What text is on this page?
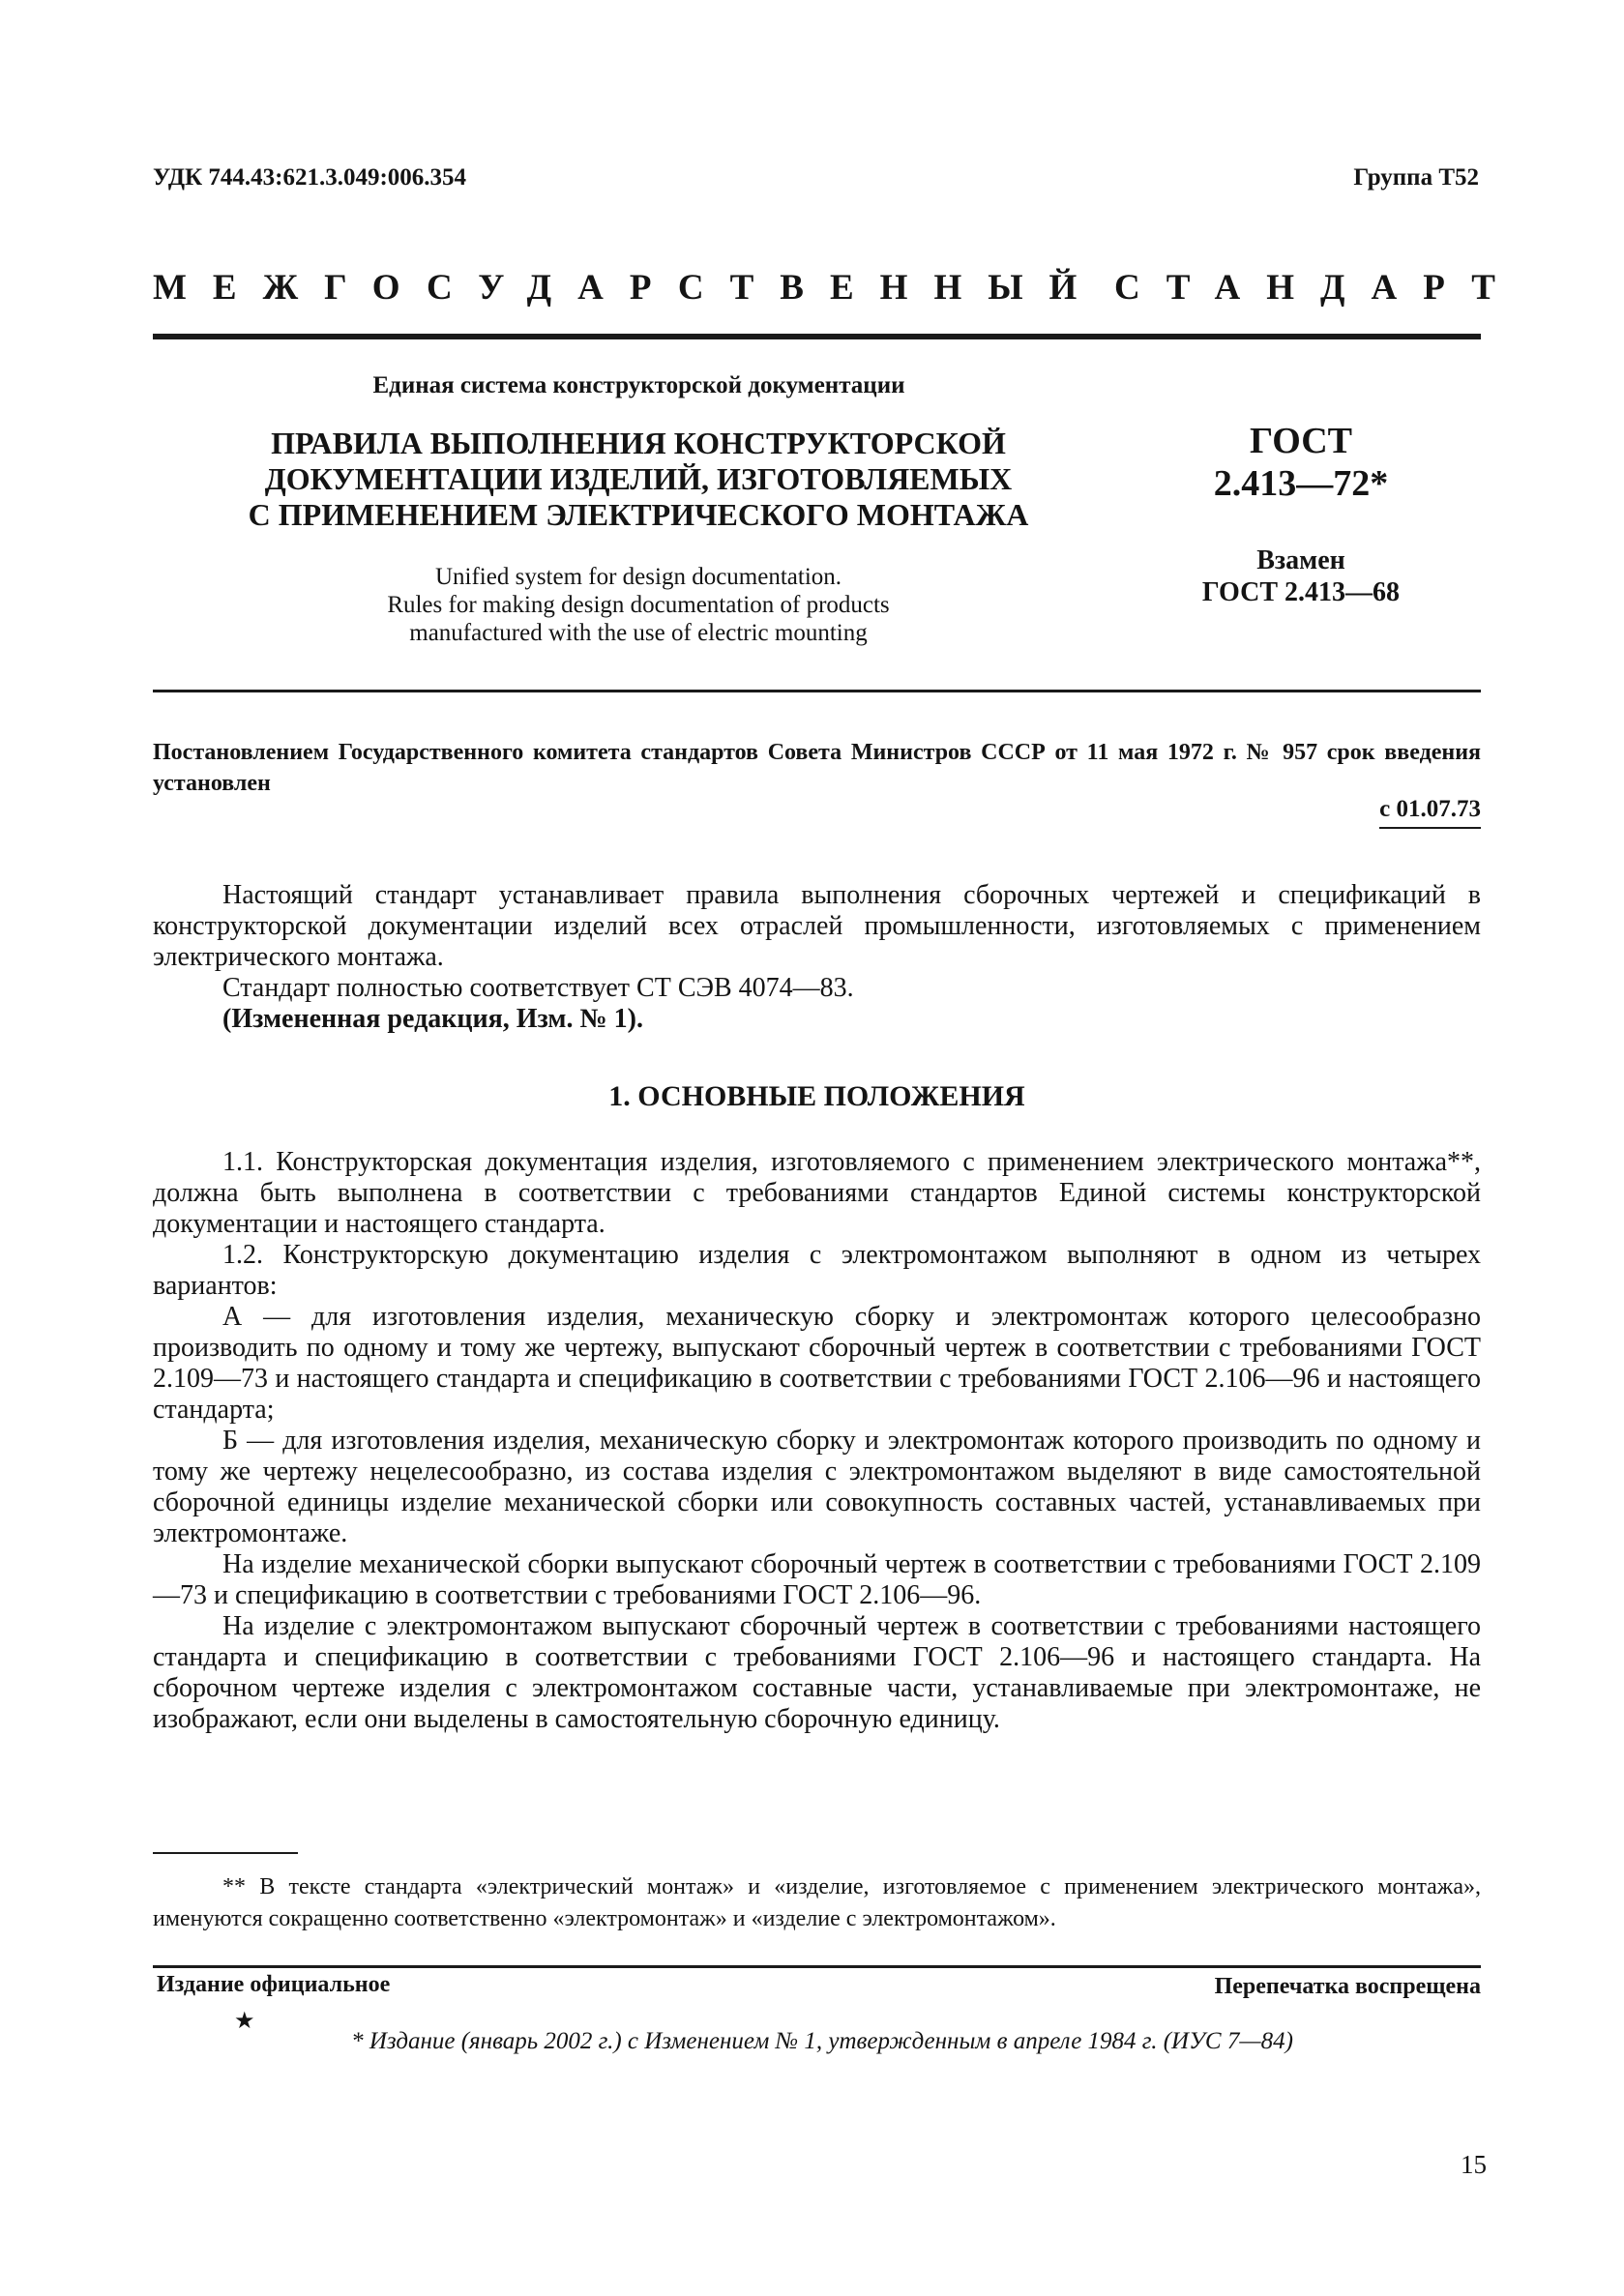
УДК 744.43:621.3.049:006.354	Группа Т52
МЕЖГОСУДАРСТВЕННЫЙ СТАНДАРТ
Единая система конструкторской документации
ПРАВИЛА ВЫПОЛНЕНИЯ КОНСТРУКТОРСКОЙ
ДОКУМЕНТАЦИИ ИЗДЕЛИЙ, ИЗГОТОВЛЯЕМЫХ
С ПРИМЕНЕНИЕМ ЭЛЕКТРИЧЕСКОГО МОНТАЖА
Unified system for design documentation.
Rules for making design documentation of products
manufactured with the use of electric mounting
ГОСТ
2.413—72*
Взамен
ГОСТ 2.413—68
Постановлением Государственного комитета стандартов Совета Министров СССР от 11 мая 1972 г. № 957 срок введения установлен
с 01.07.73

Настоящий стандарт устанавливает правила выполнения сборочных чертежей и спецификаций в конструкторской документации изделий всех отраслей промышленности, изготовляемых с применением электрического монтажа.

Стандарт полностью соответствует СТ СЭВ 4074—83.

(Измененная редакция, Изм. № 1).

1. ОСНОВНЫЕ ПОЛОЖЕНИЯ

1.1. Конструкторская документация изделия, изготовляемого с применением электрического монтажа**, должна быть выполнена в соответствии с требованиями стандартов Единой системы конструкторской документации и настоящего стандарта.

1.2. Конструкторскую документацию изделия с электромонтажом выполняют в одном из четырех вариантов:

А — для изготовления изделия, механическую сборку и электромонтаж которого целесообразно производить по одному и тому же чертежу, выпускают сборочный чертеж в соответствии с требованиями ГОСТ 2.109—73 и настоящего стандарта и спецификацию в соответствии с требованиями ГОСТ 2.106—96 и настоящего стандарта;

Б — для изготовления изделия, механическую сборку и электромонтаж которого производить по одному и тому же чертежу нецелесообразно, из состава изделия с электромонтажом выделяют в виде самостоятельной сборочной единицы изделие механической сборки или совокупность составных частей, устанавливаемых при электромонтаже.

На изделие механической сборки выпускают сборочный чертеж в соответствии с требованиями ГОСТ 2.109—73 и спецификацию в соответствии с требованиями ГОСТ 2.106—96.

На изделие с электромонтажом выпускают сборочный чертеж в соответствии с требованиями настоящего стандарта и спецификацию в соответствии с требованиями ГОСТ 2.106—96 и настоящего стандарта. На сборочном чертеже изделия с электромонтажом составные части, устанавливаемые при электромонтаже, не изображают, если они выделены в самостоятельную сборочную единицу.

** В тексте стандарта «электрический монтаж» и «изделие, изготовляемое с применением электрического монтажа», именуются сокращенно соответственно «электромонтаж» и «изделие с электромонтажом».

Издание официальное	Перепечатка воспрещена
★
* Издание (январь 2002 г.) с Изменением № 1, утвержденным в апреле 1984 г. (ИУС 7—84)
15
